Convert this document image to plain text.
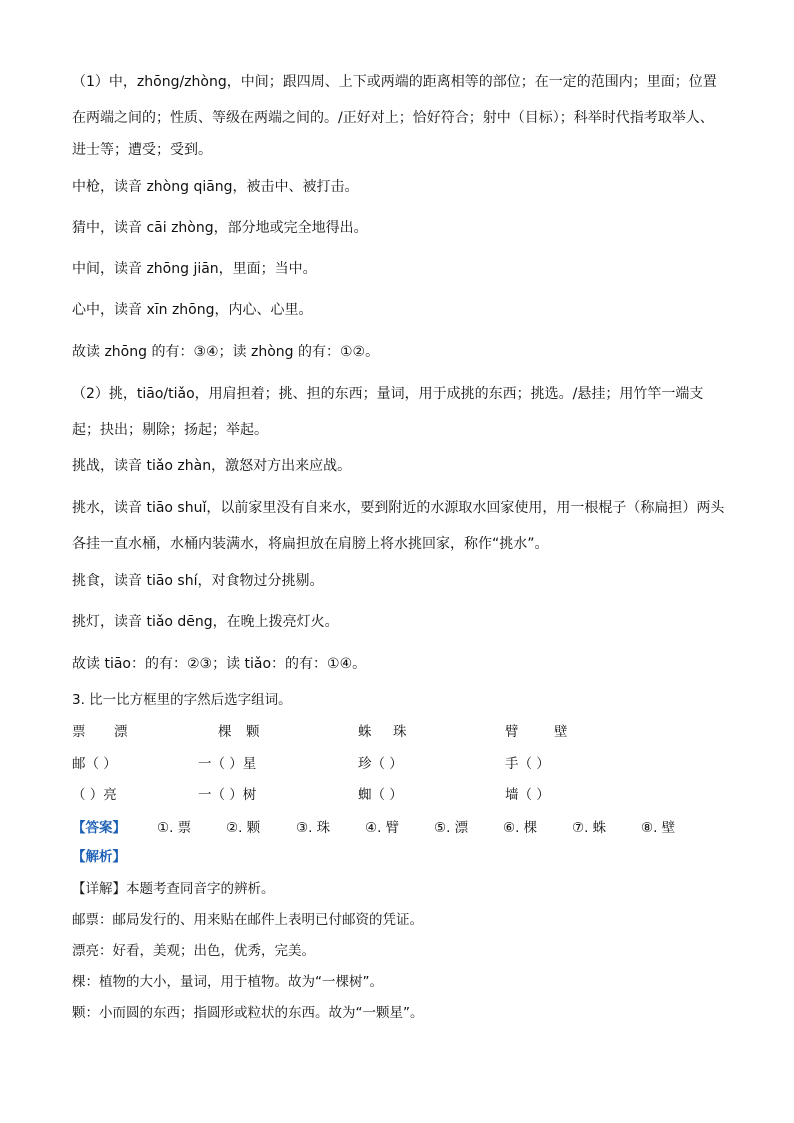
（1）中，zhōng/zhòng，中间；跟四周、上下或两端的距离相等的部位；在一定的范围内；里面；位置
在两端之间的；性质、等级在两端之间的。/正好对上；恰好符合；射中（目标）；科举时代指考取举人、
进士等；遭受；受到。
中枪，读音 zhòng qiāng，被击中、被打击。
猜中，读音 cāi zhòng，部分地或完全地得出。
中间，读音 zhōng jiān，里面；当中。
心中，读音 xīn zhōng，内心、心里。
故读 zhōng 的有：③④；读 zhòng 的有：①②。
（2）挑，tiāo/tiǎo，用肩担着；挑、担的东西；量词，用于成挑的东西；挑选。/悬挂；用竹竿一端支
起；抉出；剔除；扬起；举起。
挑战，读音 tiǎo zhàn，激怒对方出来应战。
挑水，读音 tiāo shuǐ，以前家里没有自来水，要到附近的水源取水回家使用，用一根棍子（称扁担）两头
各挂一直水桶，水桶内装满水，将扁担放在肩膀上将水挑回家，称作“挑水”。
挑食，读音 tiāo shí，对食物过分挑剔。
挑灯，读音 tiǎo dēng，在晚上拨亮灯火。
故读 tiāo：的有：②③；读 tiǎo：的有：①④。
3. 比一比方框里的字然后选字组词。
票 漂	棵 颗	蛛 珠	臂	壁
邮（ ）	一（ ）星	珍（ ）	手（ ）
（ ）亮	一（ ）树	蜘（ ）	墙（ ）
【答案】 ①. 票	②. 颗	③. 珠	④. 臂	⑤. 漂	⑥. 棵	⑦. 蛛	⑧. 壁
【解析】
【详解】本题考查同音字的辨析。
邮票：邮局发行的、用来贴在邮件上表明已付邮资的凭证。
漂亮：好看，美观；出色，优秀，完美。
棵：植物的大小，量词，用于植物。故为“一棵树”。
颗：小而圆的东西；指圆形或粒状的东西。故为“一颗星”。
